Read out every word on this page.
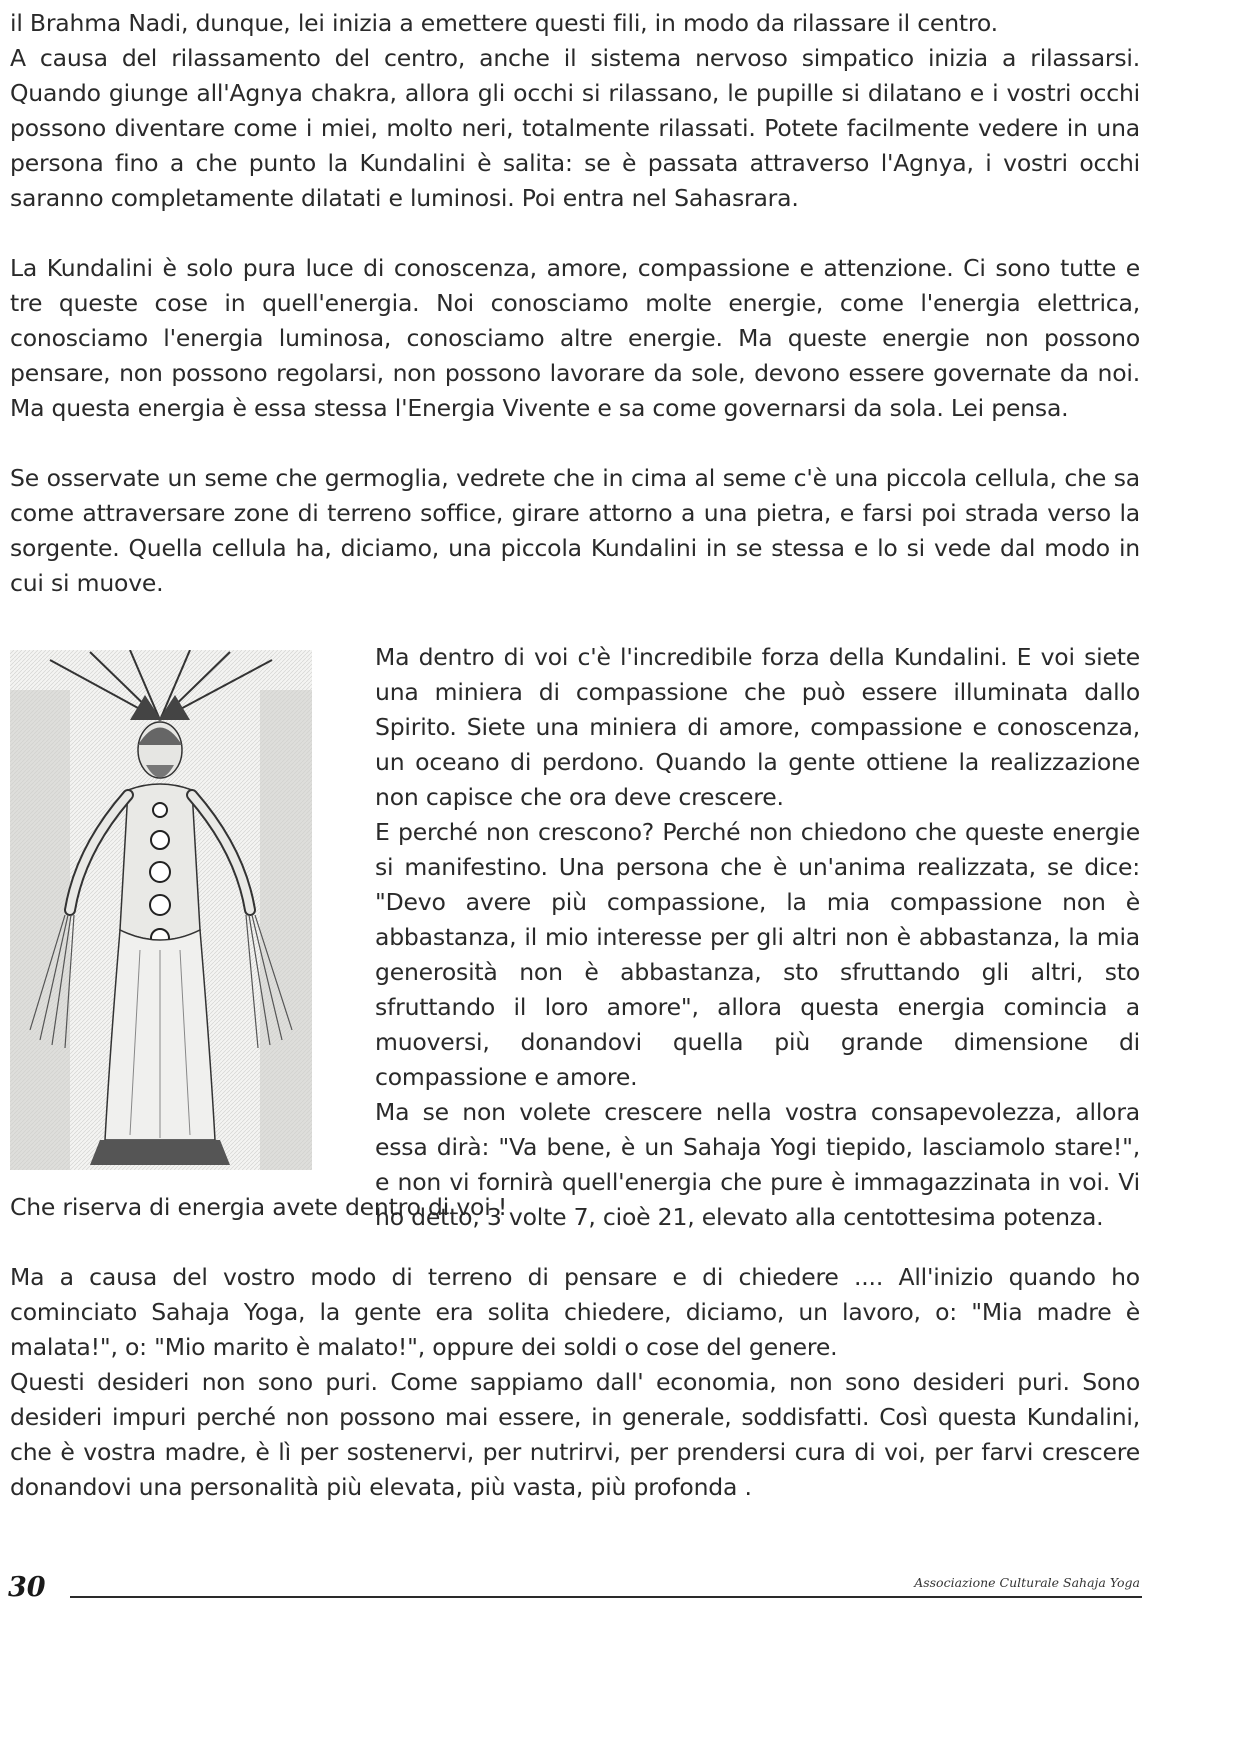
il Brahma Nadi, dunque, lei inizia a emettere questi fili, in modo da rilassare il centro.

A causa del rilassamento del centro, anche il sistema nervoso simpatico inizia a rilassarsi. Quando giunge all'Agnya chakra, allora gli occhi si rilassano, le pupille si dilatano e i vostri occhi possono diventare come i miei, molto neri, totalmente rilassati. Potete facilmente vedere in una persona fino a che punto la Kundalini è salita: se è passata attraverso l'Agnya, i vostri occhi saranno completamente dilatati e luminosi. Poi entra nel Sahasrara.

La Kundalini è solo pura luce di conoscenza, amore, compassione e attenzione. Ci sono tutte e tre queste cose in quell'energia. Noi conosciamo molte energie, come l'energia elettrica, conosciamo l'energia luminosa, conosciamo altre energie. Ma queste energie non possono pensare, non possono regolarsi, non possono lavorare da sole, devono essere governate da noi. Ma questa energia è essa stessa l'Energia Vivente e sa come governarsi da sola. Lei pensa.

Se osservate un seme che germoglia, vedrete che in cima al seme c'è una piccola cellula, che sa come attraversare zone di terreno soffice, girare attorno a una pietra, e farsi poi strada verso la sorgente. Quella cellula ha, diciamo, una piccola Kundalini in se stessa e lo si vede dal modo in cui si muove.

Ma dentro di voi c'è l'incredibile forza della Kundalini. E voi siete una miniera di compassione che può essere illuminata dallo Spirito. Siete una miniera di amore, compassione e conoscenza, un oceano di perdono. Quando la gente ottiene la realizzazione non capisce che ora deve crescere.

E perché non crescono? Perché non chiedono che queste energie si manifestino. Una persona che è un'anima realizzata, se dice: "Devo avere più compassione, la mia compassione non è abbastanza, il mio interesse per gli altri non è abbastanza, la mia generosità non è abbastanza, sto sfruttando gli altri, sto sfruttando il loro amore", allora questa energia comincia a muoversi, donandovi quella più grande dimensione di compassione e amore.

Ma se non volete crescere nella vostra consapevolezza, allora essa dirà: "Va bene, è un Sahaja Yogi tiepido, lasciamolo stare!", e non vi fornirà quell'energia che pure è immagazzinata in voi. Vi ho detto, 3 volte 7, cioè 21, elevato alla centottesima potenza.

Che riserva di energia avete dentro di voi !

Ma a causa del vostro modo di terreno di pensare e di chiedere .... All'inizio quando ho cominciato Sahaja Yoga, la gente era solita chiedere, diciamo, un lavoro, o: "Mia madre è malata!", o: "Mio marito è malato!", oppure dei soldi o cose del genere.

Questi desideri non sono puri. Come sappiamo dall' economia, non sono desideri puri. Sono desideri impuri perché non possono mai essere, in generale, soddisfatti. Così questa Kundalini, che è vostra madre, è lì per sostenervi, per nutrirvi, per prendersi cura di voi, per farvi crescere donandovi una personalità più elevata, più vasta, più profonda .

30	Associazione Culturale Sahaja Yoga
